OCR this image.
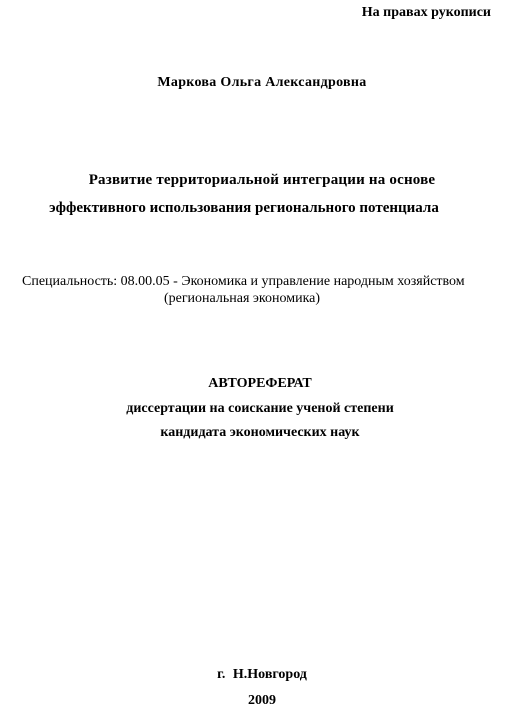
На правах рукописи

Маркова Ольга Александровна

Развитие территориальной интеграции на основе

эффективного использования регионального потенциала

Специальность: 08.00.05 - Экономика и управление народным хозяйством

(региональная экономика)

АВТОРЕФЕРАТ

диссертации на соискание ученой степени

кандидата экономических наук

г. Н.Новгород

2009
